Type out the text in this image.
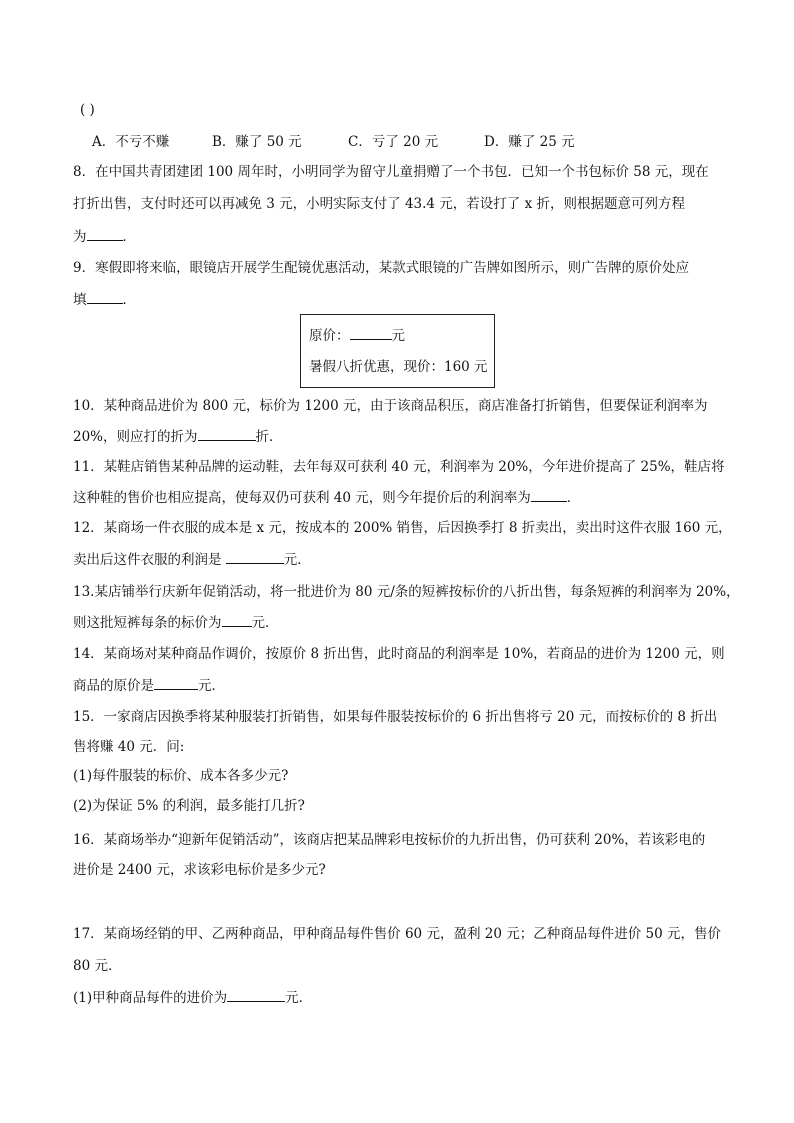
( )
A．不亏不赚	B．赚了 50 元	C．亏了 20 元	D．赚了 25 元
8．在中国共青团建团 100 周年时，小明同学为留守儿童捐赠了一个书包．已知一个书包标价 58 元，现在
打折出售，支付时还可以再减免 3 元，小明实际支付了 43.4 元，若设打了 x 折，则根据题意可列方程
为	．
9．寒假即将来临，眼镜店开展学生配镜优惠活动，某款式眼镜的广告牌如图所示，则广告牌的原价处应
填	．
原价：	元
暑假八折优惠，现价：160 元
10．某种商品进价为 800 元，标价为 1200 元，由于该商品积压，商店准备打折销售，但要保证利润率为
20%，则应打的折为	折．
11．某鞋店销售某种品牌的运动鞋，去年每双可获利 40 元，利润率为 20%，今年进价提高了 25%，鞋店将
这种鞋的售价也相应提高，使每双仍可获利 40 元，则今年提价后的利润率为	．
12．某商场一件衣服的成本是 x 元，按成本的 200% 销售，后因换季打 8 折卖出，卖出时这件衣服 160 元，
卖出后这件衣服的利润是	元．
13.某店铺举行庆新年促销活动，将一批进价为 80 元/条的短裤按标价的八折出售，每条短裤的利润率为 20%，
则这批短裤每条的标价为 元．
14．某商场对某种商品作调价，按原价 8 折出售，此时商品的利润率是 10%，若商品的进价为 1200 元，则
商品的原价是	元．
15．一家商店因换季将某种服装打折销售，如果每件服装按标价的 6 折出售将亏 20 元，而按标价的 8 折出
售将赚 40 元．问:
(1)每件服装的标价、成本各多少元?
(2)为保证 5% 的利润，最多能打几折?
16．某商场举办“迎新年促销活动”，该商店把某品牌彩电按标价的九折出售，仍可获利 20%，若该彩电的
进价是 2400 元，求该彩电标价是多少元?
17．某商场经销的甲、乙两种商品，甲种商品每件售价 60 元，盈利 20 元；乙种商品每件进价 50 元，售价
80 元．
(1)甲种商品每件的进价为	元．
